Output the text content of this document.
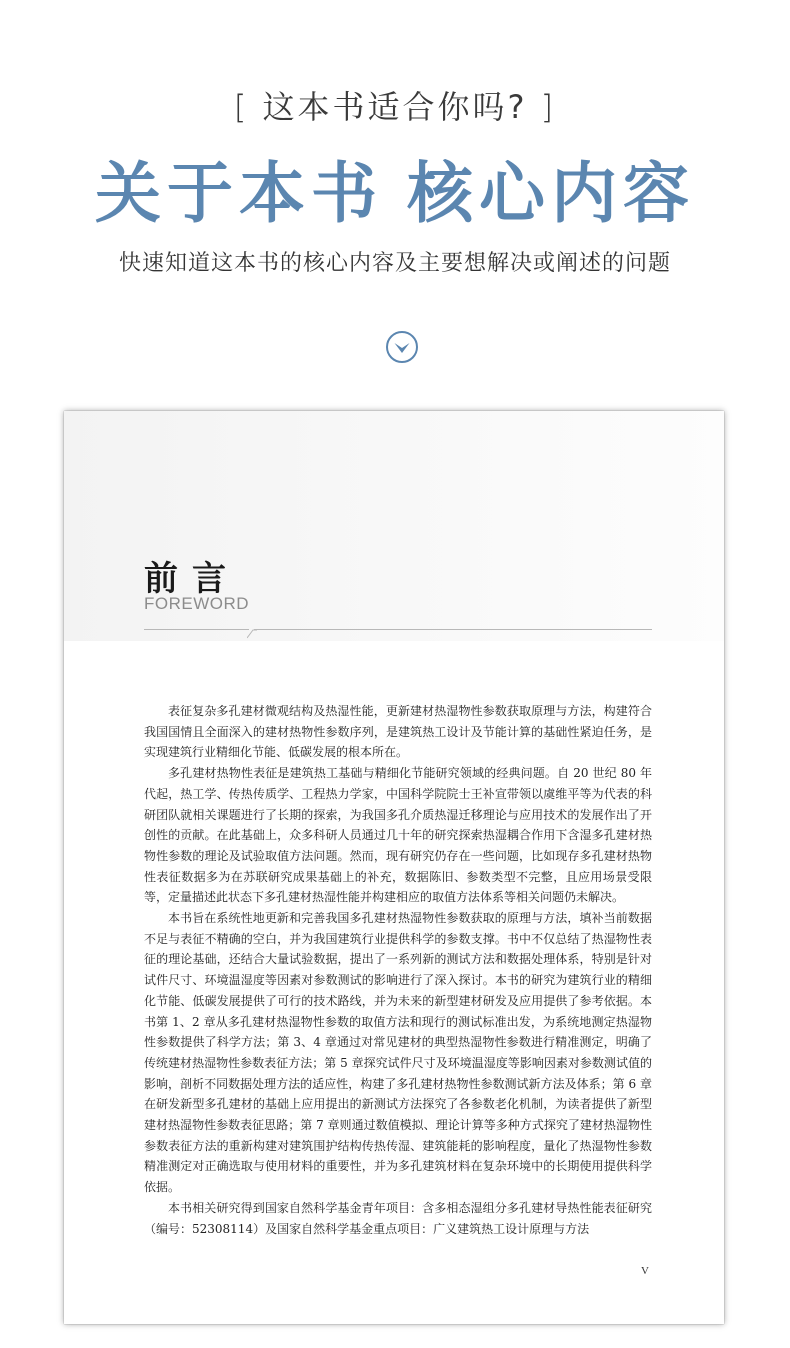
[ 这本书适合你吗? ]
关于本书 核心内容
快速知道这本书的核心内容及主要想解决或阐述的问题
前言
FOREWORD

表征复杂多孔建材微观结构及热湿性能，更新建材热湿物性参数获取原理与方法，构建符合我国国情且全面深入的建材热物性参数序列，是建筑热工设计及节能计算的基础性紧迫任务，是实现建筑行业精细化节能、低碳发展的根本所在。

多孔建材热物性表征是建筑热工基础与精细化节能研究领域的经典问题。自 20 世纪 80 年代起，热工学、传热传质学、工程热力学家，中国科学院院士王补宣带领以虞维平等为代表的科研团队就相关课题进行了长期的探索，为我国多孔介质热湿迁移理论与应用技术的发展作出了开创性的贡献。在此基础上，众多科研人员通过几十年的研究探索热湿耦合作用下含湿多孔建材热物性参数的理论及试验取值方法问题。然而，现有研究仍存在一些问题，比如现存多孔建材热物性表征数据多为在苏联研究成果基础上的补充，数据陈旧、参数类型不完整，且应用场景受限等，定量描述此状态下多孔建材热湿性能并构建相应的取值方法体系等相关问题仍未解决。

本书旨在系统性地更新和完善我国多孔建材热湿物性参数获取的原理与方法，填补当前数据不足与表征不精确的空白，并为我国建筑行业提供科学的参数支撑。书中不仅总结了热湿物性表征的理论基础，还结合大量试验数据，提出了一系列新的测试方法和数据处理体系，特别是针对试件尺寸、环境温湿度等因素对参数测试的影响进行了深入探讨。本书的研究为建筑行业的精细化节能、低碳发展提供了可行的技术路线，并为未来的新型建材研发及应用提供了参考依据。本书第 1、2 章从多孔建材热湿物性参数的取值方法和现行的测试标准出发，为系统地测定热湿物性参数提供了科学方法；第 3、4 章通过对常见建材的典型热湿物性参数进行精准测定，明确了传统建材热湿物性参数表征方法；第 5 章探究试件尺寸及环境温湿度等影响因素对参数测试值的影响，剖析不同数据处理方法的适应性，构建了多孔建材热物性参数测试新方法及体系；第 6 章在研发新型多孔建材的基础上应用提出的新测试方法探究了各参数老化机制，为读者提供了新型建材热湿物性参数表征思路；第 7 章则通过数值模拟、理论计算等多种方式探究了建材热湿物性参数表征方法的重新构建对建筑围护结构传热传湿、建筑能耗的影响程度，量化了热湿物性参数精准测定对正确选取与使用材料的重要性，并为多孔建筑材料在复杂环境中的长期使用提供科学依据。

本书相关研究得到国家自然科学基金青年项目：含多相态湿组分多孔建材导热性能表征研究（编号：52308114）及国家自然科学基金重点项目：广义建筑热工设计原理与方法

V
